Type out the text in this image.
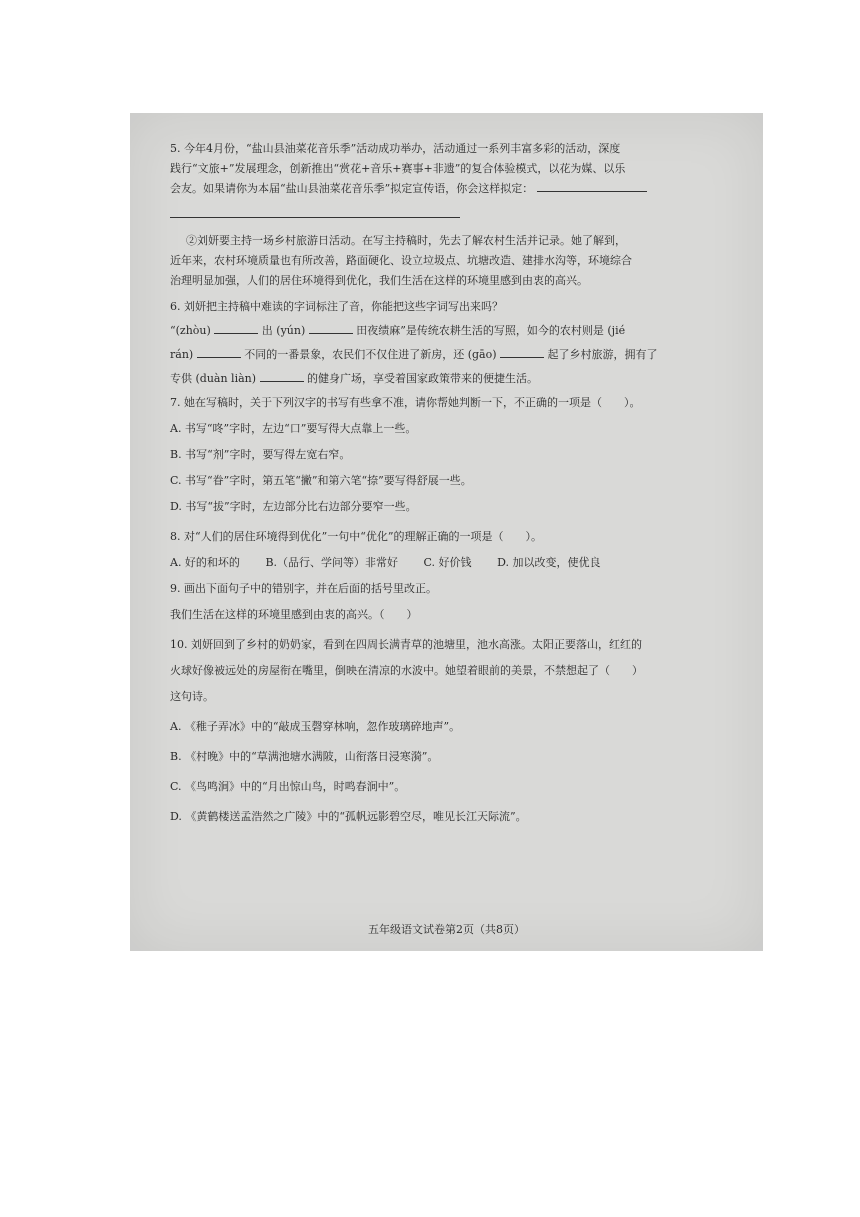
5. 今年4月份，“盐山县油菜花音乐季”活动成功举办，活动通过一系列丰富多彩的活动，深度
践行“文旅+”发展理念，创新推出“赏花+音乐+赛事+非遗”的复合体验模式，以花为媒、以乐
会友。如果请你为本届“盐山县油菜花音乐季”拟定宣传语，你会这样拟定：
②刘妍要主持一场乡村旅游日活动。在写主持稿时，先去了解农村生活并记录。她了解到，
近年来，农村环境质量也有所改善，路面硬化、设立垃圾点、坑塘改造、建排水沟等，环境综合
治理明显加强，人们的居住环境得到优化，我们生活在这样的环境里感到由衷的高兴。
6. 刘妍把主持稿中难读的字词标注了音，你能把这些字词写出来吗？
“(zhòu)	出 (yún)	田夜绩麻”是传统农耕生活的写照，如今的农村则是 (jié
rán)	不同的一番景象，农民们不仅住进了新房，还 (gāo)	起了乡村旅游，拥有了
专供 (duàn liàn)	的健身广场，享受着国家政策带来的便捷生活。
7. 她在写稿时，关于下列汉字的书写有些拿不准，请你帮她判断一下，不正确的一项是（　　）。
A. 书写“咚”字时，左边“口”要写得大点靠上一些。
B. 书写“剂”字时，要写得左宽右窄。
C. 书写“眷”字时，第五笔“撇”和第六笔“捺”要写得舒展一些。
D. 书写“拔”字时，左边部分比右边部分要窄一些。
8. 对“人们的居住环境得到优化”一句中“优化”的理解正确的一项是（　　）。
A. 好的和坏的 B.（品行、学问等）非常好 C. 好价钱 D. 加以改变，使优良
9. 画出下面句子中的错别字，并在后面的括号里改正。
我们生活在这样的环境里感到由衷的高兴。（　　）
10. 刘妍回到了乡村的奶奶家，看到在四周长满青草的池塘里，池水高涨。太阳正要落山，红红的
火球好像被远处的房屋衔在嘴里，倒映在清凉的水波中。她望着眼前的美景，不禁想起了（　　）
这句诗。
A. 《稚子弄冰》中的“敲成玉磬穿林响，忽作玻璃碎地声”。
B. 《村晚》中的“草满池塘水满陂，山衔落日浸寒漪”。
C. 《鸟鸣涧》中的“月出惊山鸟，时鸣春涧中”。
D. 《黄鹤楼送孟浩然之广陵》中的“孤帆远影碧空尽，唯见长江天际流”。
五年级语文试卷第2页（共8页）
